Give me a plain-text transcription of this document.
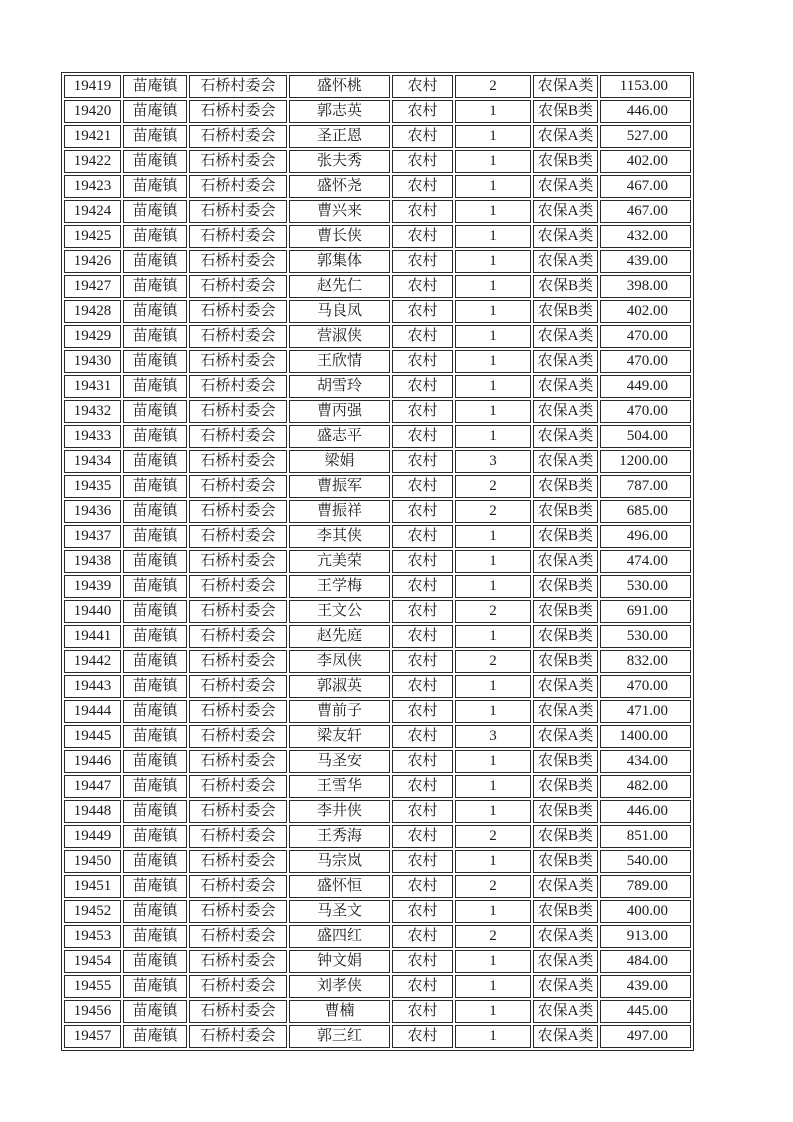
19419	苗庵镇	石桥村委会	盛怀桃	农村	2	农保A类	1153.00
19420	苗庵镇	石桥村委会	郭志英	农村	1	农保B类	446.00
19421	苗庵镇	石桥村委会	圣正恩	农村	1	农保A类	527.00
19422	苗庵镇	石桥村委会	张夫秀	农村	1	农保B类	402.00
19423	苗庵镇	石桥村委会	盛怀尧	农村	1	农保A类	467.00
19424	苗庵镇	石桥村委会	曹兴来	农村	1	农保A类	467.00
19425	苗庵镇	石桥村委会	曹长侠	农村	1	农保A类	432.00
19426	苗庵镇	石桥村委会	郭集体	农村	1	农保A类	439.00
19427	苗庵镇	石桥村委会	赵先仁	农村	1	农保B类	398.00
19428	苗庵镇	石桥村委会	马良凤	农村	1	农保B类	402.00
19429	苗庵镇	石桥村委会	营淑侠	农村	1	农保A类	470.00
19430	苗庵镇	石桥村委会	王欣情	农村	1	农保A类	470.00
19431	苗庵镇	石桥村委会	胡雪玲	农村	1	农保A类	449.00
19432	苗庵镇	石桥村委会	曹丙强	农村	1	农保A类	470.00
19433	苗庵镇	石桥村委会	盛志平	农村	1	农保A类	504.00
19434	苗庵镇	石桥村委会	梁娟	农村	3	农保A类	1200.00
19435	苗庵镇	石桥村委会	曹振军	农村	2	农保B类	787.00
19436	苗庵镇	石桥村委会	曹振祥	农村	2	农保B类	685.00
19437	苗庵镇	石桥村委会	李其侠	农村	1	农保B类	496.00
19438	苗庵镇	石桥村委会	亢美荣	农村	1	农保A类	474.00
19439	苗庵镇	石桥村委会	王学梅	农村	1	农保B类	530.00
19440	苗庵镇	石桥村委会	王文公	农村	2	农保B类	691.00
19441	苗庵镇	石桥村委会	赵先庭	农村	1	农保B类	530.00
19442	苗庵镇	石桥村委会	李凤侠	农村	2	农保B类	832.00
19443	苗庵镇	石桥村委会	郭淑英	农村	1	农保A类	470.00
19444	苗庵镇	石桥村委会	曹前子	农村	1	农保A类	471.00
19445	苗庵镇	石桥村委会	梁友轩	农村	3	农保A类	1400.00
19446	苗庵镇	石桥村委会	马圣安	农村	1	农保B类	434.00
19447	苗庵镇	石桥村委会	王雪华	农村	1	农保B类	482.00
19448	苗庵镇	石桥村委会	李井侠	农村	1	农保B类	446.00
19449	苗庵镇	石桥村委会	王秀海	农村	2	农保B类	851.00
19450	苗庵镇	石桥村委会	马宗岚	农村	1	农保B类	540.00
19451	苗庵镇	石桥村委会	盛怀恒	农村	2	农保A类	789.00
19452	苗庵镇	石桥村委会	马圣文	农村	1	农保B类	400.00
19453	苗庵镇	石桥村委会	盛四红	农村	2	农保A类	913.00
19454	苗庵镇	石桥村委会	钟文娟	农村	1	农保A类	484.00
19455	苗庵镇	石桥村委会	刘孝侠	农村	1	农保A类	439.00
19456	苗庵镇	石桥村委会	曹楠	农村	1	农保A类	445.00
19457	苗庵镇	石桥村委会	郭三红	农村	1	农保A类	497.00
